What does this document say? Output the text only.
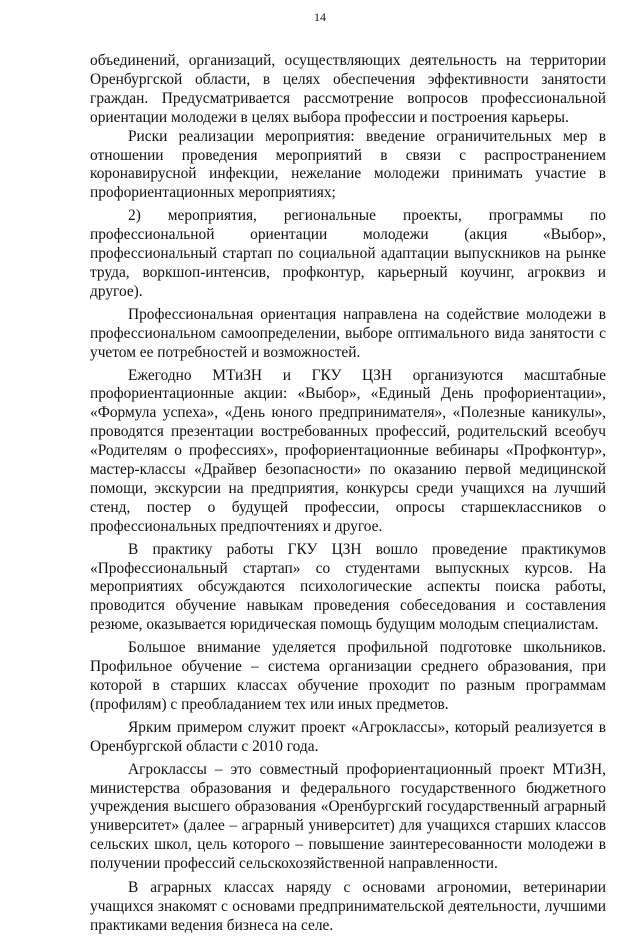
14

объединений, организаций, осуществляющих деятельность на территории Оренбургской области, в целях обеспечения эффективности занятости граждан. Предусматривается рассмотрение вопросов профессиональной ориентации молодежи в целях выбора профессии и построения карьеры.

Риски реализации мероприятия: введение ограничительных мер в отношении проведения мероприятий в связи с распространением коронавирусной инфекции, нежелание молодежи принимать участие в профориентационных мероприятиях;

2) мероприятия, региональные проекты, программы по профессиональной ориентации молодежи (акция «Выбор», профессиональный стартап по социальной адаптации выпускников на рынке труда, воркшоп-интенсив, профконтур, карьерный коучинг, агроквиз и другое).

Профессиональная ориентация направлена на содействие молодежи в профессиональном самоопределении, выборе оптимального вида занятости с учетом ее потребностей и возможностей.

Ежегодно МТиЗН и ГКУ ЦЗН организуются масштабные профориентационные акции: «Выбор», «Единый День профориентации», «Формула успеха», «День юного предпринимателя», «Полезные каникулы», проводятся презентации востребованных профессий, родительский всеобуч «Родителям о профессиях», профориентационные вебинары «Профконтур», мастер-классы «Драйвер безопасности» по оказанию первой медицинской помощи, экскурсии на предприятия, конкурсы среди учащихся на лучший стенд, постер о будущей профессии, опросы старшеклассников о профессиональных предпочтениях и другое.

В практику работы ГКУ ЦЗН вошло проведение практикумов «Профессиональный стартап» со студентами выпускных курсов. На мероприятиях обсуждаются психологические аспекты поиска работы, проводится обучение навыкам проведения собеседования и составления резюме, оказывается юридическая помощь будущим молодым специалистам.

Большое внимание уделяется профильной подготовке школьников. Профильное обучение – система организации среднего образования, при которой в старших классах обучение проходит по разным программам (профилям) с преобладанием тех или иных предметов.

Ярким примером служит проект «Агроклассы», который реализуется в Оренбургской области с 2010 года.

Агроклассы – это совместный профориентационный проект МТиЗН, министерства образования и федерального государственного бюджетного учреждения высшего образования «Оренбургский государственный аграрный университет» (далее – аграрный университет) для учащихся старших классов сельских школ, цель которого – повышение заинтересованности молодежи в получении профессий сельскохозяйственной направленности.

В аграрных классах наряду с основами агрономии, ветеринарии учащихся знакомят с основами предпринимательской деятельности, лучшими практиками ведения бизнеса на селе.
